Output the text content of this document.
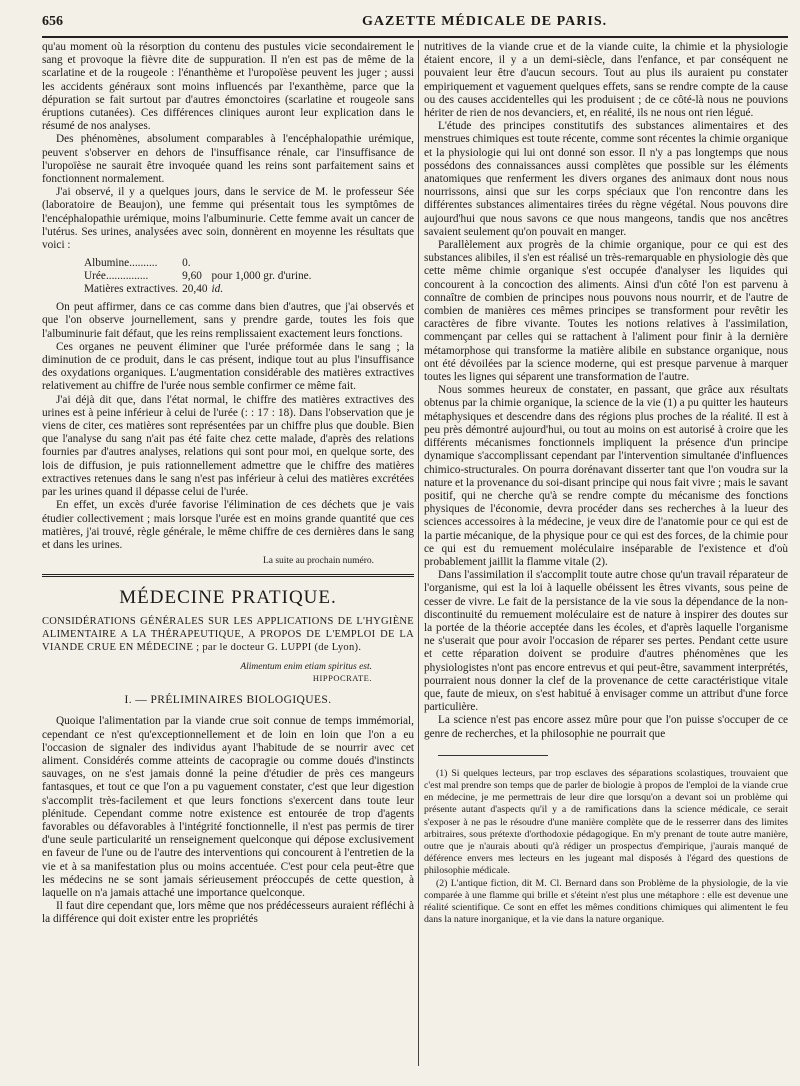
656	GAZETTE MÉDICALE DE PARIS.

qu'au moment où la résorption du contenu des pustules vicie secondairement le sang et provoque la fièvre dite de suppuration. Il n'en est pas de même de la scarlatine et de la rougeole : l'énanthème et l'uropoïèse peuvent les juger ; aussi les accidents généraux sont moins influencés par l'exanthème, parce que la dépuration se fait surtout par d'autres émonctoires (scarlatine et rougeole sans éruptions cutanées). Ces différences cliniques auront leur explication dans le résumé de nos analyses.

Des phénomènes, absolument comparables à l'encéphalopathie urémique, peuvent s'observer en dehors de l'insuffisance rénale, car l'insuffisance de l'uropoïèse ne saurait être invoquée quand les reins sont parfaitement sains et fonctionnent normalement.

J'ai observé, il y a quelques jours, dans le service de M. le professeur Sée (laboratoire de Beaujon), une femme qui présentait tous les symptômes de l'encéphalopathie urémique, moins l'albuminurie. Cette femme avait un cancer de l'utérus. Ses urines, analysées avec soin, donnèrent en moyenne les résultats que voici :

Albumine..........	0.	
Urée...............	9,60	pour 1,000 gr. d'urine.
Matières extractives.	20,40	id.

On peut affirmer, dans ce cas comme dans bien d'autres, que j'ai observés et que l'on observe journellement, sans y prendre garde, toutes les fois que l'albuminurie fait défaut, que les reins remplissaient exactement leurs fonctions.

Ces organes ne peuvent éliminer que l'urée préformée dans le sang ; la diminution de ce produit, dans le cas présent, indique tout au plus l'insuffisance des oxydations organiques. L'augmentation considérable des matières extractives relativement au chiffre de l'urée nous semble confirmer ce même fait.

J'ai déjà dit que, dans l'état normal, le chiffre des matières extractives des urines est à peine inférieur à celui de l'urée (: : 17 : 18). Dans l'observation que je viens de citer, ces matières sont représentées par un chiffre plus que double. Bien que l'analyse du sang n'ait pas été faite chez cette malade, d'après des relations fournies par d'autres analyses, relations qui sont pour moi, en quelque sorte, des lois de diffusion, je puis rationnellement admettre que le chiffre des matières extractives retenues dans le sang n'est pas inférieur à celui des matières excrétées par les urines quand il dépasse celui de l'urée.

En effet, un excès d'urée favorise l'élimination de ces déchets que je vais étudier collectivement ; mais lorsque l'urée est en moins grande quantité que ces matières, j'ai trouvé, règle générale, le même chiffre de ces dernières dans le sang et dans les urines.

La suite au prochain numéro.
MÉDECINE PRATIQUE.
CONSIDÉRATIONS GÉNÉRALES SUR LES APPLICATIONS DE L'HYGIÈNE ALIMENTAIRE A LA THÉRAPEUTIQUE, A PROPOS DE L'EMPLOI DE LA VIANDE CRUE EN MÉDECINE ; par le docteur G. LUPPI (de Lyon).
Alimentum enim etiam spiritus est.
HIPPOCRATE.
I. — PRÉLIMINAIRES BIOLOGIQUES.

Quoique l'alimentation par la viande crue soit connue de temps immémorial, cependant ce n'est qu'exceptionnellement et de loin en loin que l'on a eu l'occasion de signaler des individus ayant l'habitude de se nourrir avec cet aliment. Considérés comme atteints de cacopragie ou comme doués d'instincts sauvages, on ne s'est jamais donné la peine d'étudier de près ces mangeurs fantasques, et tout ce que l'on a pu vaguement constater, c'est que leur digestion s'accomplit très-facilement et que leurs fonctions s'exercent dans toute leur plénitude. Cependant comme notre existence est entourée de trop d'agents favorables ou défavorables à l'intégrité fonctionnelle, il n'est pas permis de tirer d'une seule particularité un renseignement quelconque qui dépose exclusivement en faveur de l'une ou de l'autre des interventions qui concourent à l'entretien de la vie et à sa manifestation plus ou moins accentuée. C'est pour cela peut-être que les médecins ne se sont jamais sérieusement préoccupés de cette question, à laquelle on n'a jamais attaché une importance quelconque.

Il faut dire cependant que, lors même que nos prédécesseurs auraient réfléchi à la différence qui doit exister entre les propriétés

nutritives de la viande crue et de la viande cuite, la chimie et la physiologie étaient encore, il y a un demi-siècle, dans l'enfance, et par conséquent ne pouvaient leur être d'aucun secours. Tout au plus ils auraient pu constater empiriquement et vaguement quelques effets, sans se rendre compte de la cause ou des causes accidentelles qui les produisent ; de ce côté-là nous ne pouvions hériter de rien de nos devanciers, et, en réalité, ils ne nous ont rien légué.

L'étude des principes constitutifs des substances alimentaires et des menstrues chimiques est toute récente, comme sont récentes la chimie organique et la physiologie qui lui ont donné son essor. Il n'y a pas longtemps que nous possédons des connaissances aussi complètes que possible sur les éléments anatomiques que renferment les divers organes des animaux dont nous nous nourrissons, ainsi que sur les corps spéciaux que l'on rencontre dans les différentes substances alimentaires tirées du règne végétal. Nous pouvons dire aujourd'hui que nous savons ce que nous mangeons, tandis que nos ancêtres savaient seulement qu'on pouvait en manger.

Parallèlement aux progrès de la chimie organique, pour ce qui est des substances alibiles, il s'en est réalisé un très-remarquable en physiologie dès que cette même chimie organique s'est occupée d'analyser les liquides qui concourent à la concoction des aliments. Ainsi d'un côté l'on est parvenu à connaître de combien de principes nous pouvons nous nourrir, et de l'autre de combien de manières ces mêmes principes se transforment pour revêtir les caractères de fibre vivante. Toutes les notions relatives à l'assimilation, commençant par celles qui se rattachent à l'aliment pour finir à la dernière métamorphose qui transforme la matière alibile en substance organique, nous ont été dévoilées par la science moderne, qui est presque parvenue à marquer toutes les lignes qui séparent une transformation de l'autre.

Nous sommes heureux de constater, en passant, que grâce aux résultats obtenus par la chimie organique, la science de la vie (1) a pu quitter les hauteurs métaphysiques et descendre dans des régions plus proches de la réalité. Il est à peu près démontré aujourd'hui, ou tout au moins on est autorisé à croire que les différents mécanismes fonctionnels impliquent la présence d'un principe dynamique s'accomplissant cependant par l'intervention simultanée d'influences chimico-structurales. On pourra dorénavant disserter tant que l'on voudra sur la nature et la provenance du soi-disant principe qui nous fait vivre ; mais le savant positif, qui ne cherche qu'à se rendre compte du mécanisme des fonctions physiques de l'économie, devra procéder dans ses recherches à la lueur des sciences accessoires à la médecine, je veux dire de l'anatomie pour ce qui est de la partie mécanique, de la physique pour ce qui est des forces, de la chimie pour ce qui est du remuement moléculaire inséparable de l'existence et d'où probablement jaillit la flamme vitale (2).

Dans l'assimilation il s'accomplit toute autre chose qu'un travail réparateur de l'organisme, qui est la loi à laquelle obéissent les êtres vivants, sous peine de cesser de vivre. Le fait de la persistance de la vie sous la dépendance de la non-discontinuité du remuement moléculaire est de nature à inspirer des doutes sur la portée de la théorie acceptée dans les écoles, et d'après laquelle l'organisme ne s'userait que pour avoir l'occasion de réparer ses pertes. Pendant cette usure et cette réparation doivent se produire d'autres phénomènes que les physiologistes n'ont pas encore entrevus et qui peut-être, savamment interprétés, pourraient nous donner la clef de la provenance de cette caractéristique vitale que, faute de mieux, on s'est habitué à envisager comme un attribut d'une force particulière.

La science n'est pas encore assez mûre pour que l'on puisse s'occuper de ce genre de recherches, et la philosophie ne pourrait que

(1) Si quelques lecteurs, par trop esclaves des séparations scolastiques, trouvaient que c'est mal prendre son temps que de parler de biologie à propos de l'emploi de la viande crue en médecine, je me permettrais de leur dire que lorsqu'on a devant soi un problème qui présente autant d'aspects qu'il y a de ramifications dans la science médicale, ce serait s'exposer à ne pas le résoudre d'une manière complète que de le resserrer dans des limites arbitraires, sous prétexte d'orthodoxie pédagogique. En m'y prenant de toute autre manière, outre que je n'aurais abouti qu'à rédiger un prospectus d'empirique, j'aurais manqué de déférence envers mes lecteurs en les jugeant mal disposés à l'égard des questions de philosophie médicale.

(2) L'antique fiction, dit M. Cl. Bernard dans son Problème de la physiologie, de la vie comparée à une flamme qui brille et s'éteint n'est plus une métaphore : elle est devenue une réalité scientifique. Ce sont en effet les mêmes conditions chimiques qui alimentent le feu dans la nature inorganique, et la vie dans la nature organique.
